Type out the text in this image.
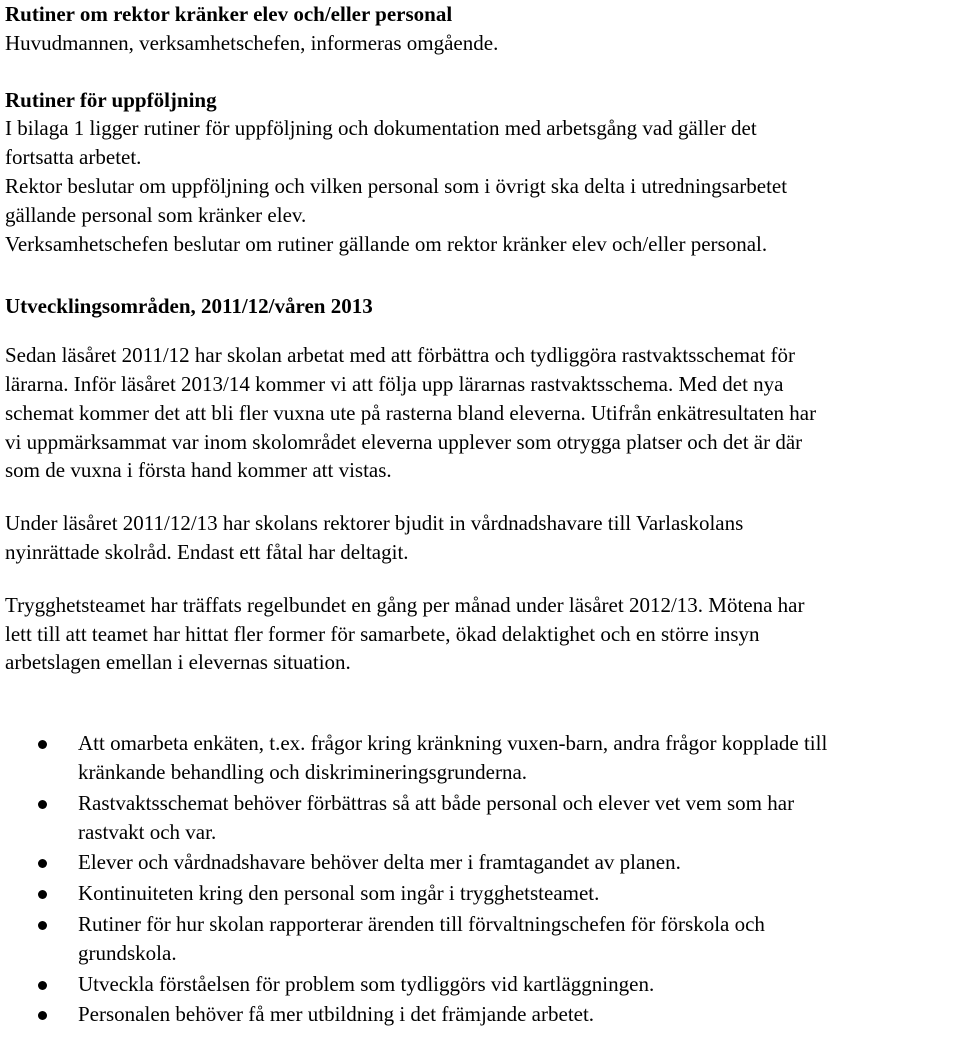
Rutiner om rektor kränker elev och/eller personal

Huvudmannen, verksamhetschefen, informeras omgående.

Rutiner för uppföljning

I bilaga 1 ligger rutiner för uppföljning och dokumentation med arbetsgång vad gäller det

fortsatta arbetet.

Rektor beslutar om uppföljning och vilken personal som i övrigt ska delta i utredningsarbetet

gällande personal som kränker elev.

Verksamhetschefen beslutar om rutiner gällande om rektor kränker elev och/eller personal.

Utvecklingsområden, 2011/12/våren 2013

Sedan läsåret 2011/12 har skolan arbetat med att förbättra och tydliggöra rastvaktsschemat för

lärarna. Inför läsåret 2013/14 kommer vi att följa upp lärarnas rastvaktsschema. Med det nya

schemat kommer det att bli fler vuxna ute på rasterna bland eleverna. Utifrån enkätresultaten har

vi uppmärksammat var inom skolområdet eleverna upplever som otrygga platser och det är där

som de vuxna i första hand kommer att vistas.

Under läsåret 2011/12/13 har skolans rektorer bjudit in vårdnadshavare till Varlaskolans

nyinrättade skolråd. Endast ett fåtal har deltagit.

Trygghetsteamet har träffats regelbundet en gång per månad under läsåret 2012/13. Mötena har

lett till att teamet har hittat fler former för samarbete, ökad delaktighet och en större insyn

arbetslagen emellan i elevernas situation.

Att omarbeta enkäten, t.ex. frågor kring kränkning vuxen-barn, andra frågor kopplade till
kränkande behandling och diskrimineringsgrunderna.
Rastvaktsschemat behöver förbättras så att både personal och elever vet vem som har
rastvakt och var.
Elever och vårdnadshavare behöver delta mer i framtagandet av planen.
Kontinuiteten kring den personal som ingår i trygghetsteamet.
Rutiner för hur skolan rapporterar ärenden till förvaltningschefen för förskola och
grundskola.
Utveckla förståelsen för problem som tydliggörs vid kartläggningen.
Personalen behöver få mer utbildning i det främjande arbetet.
